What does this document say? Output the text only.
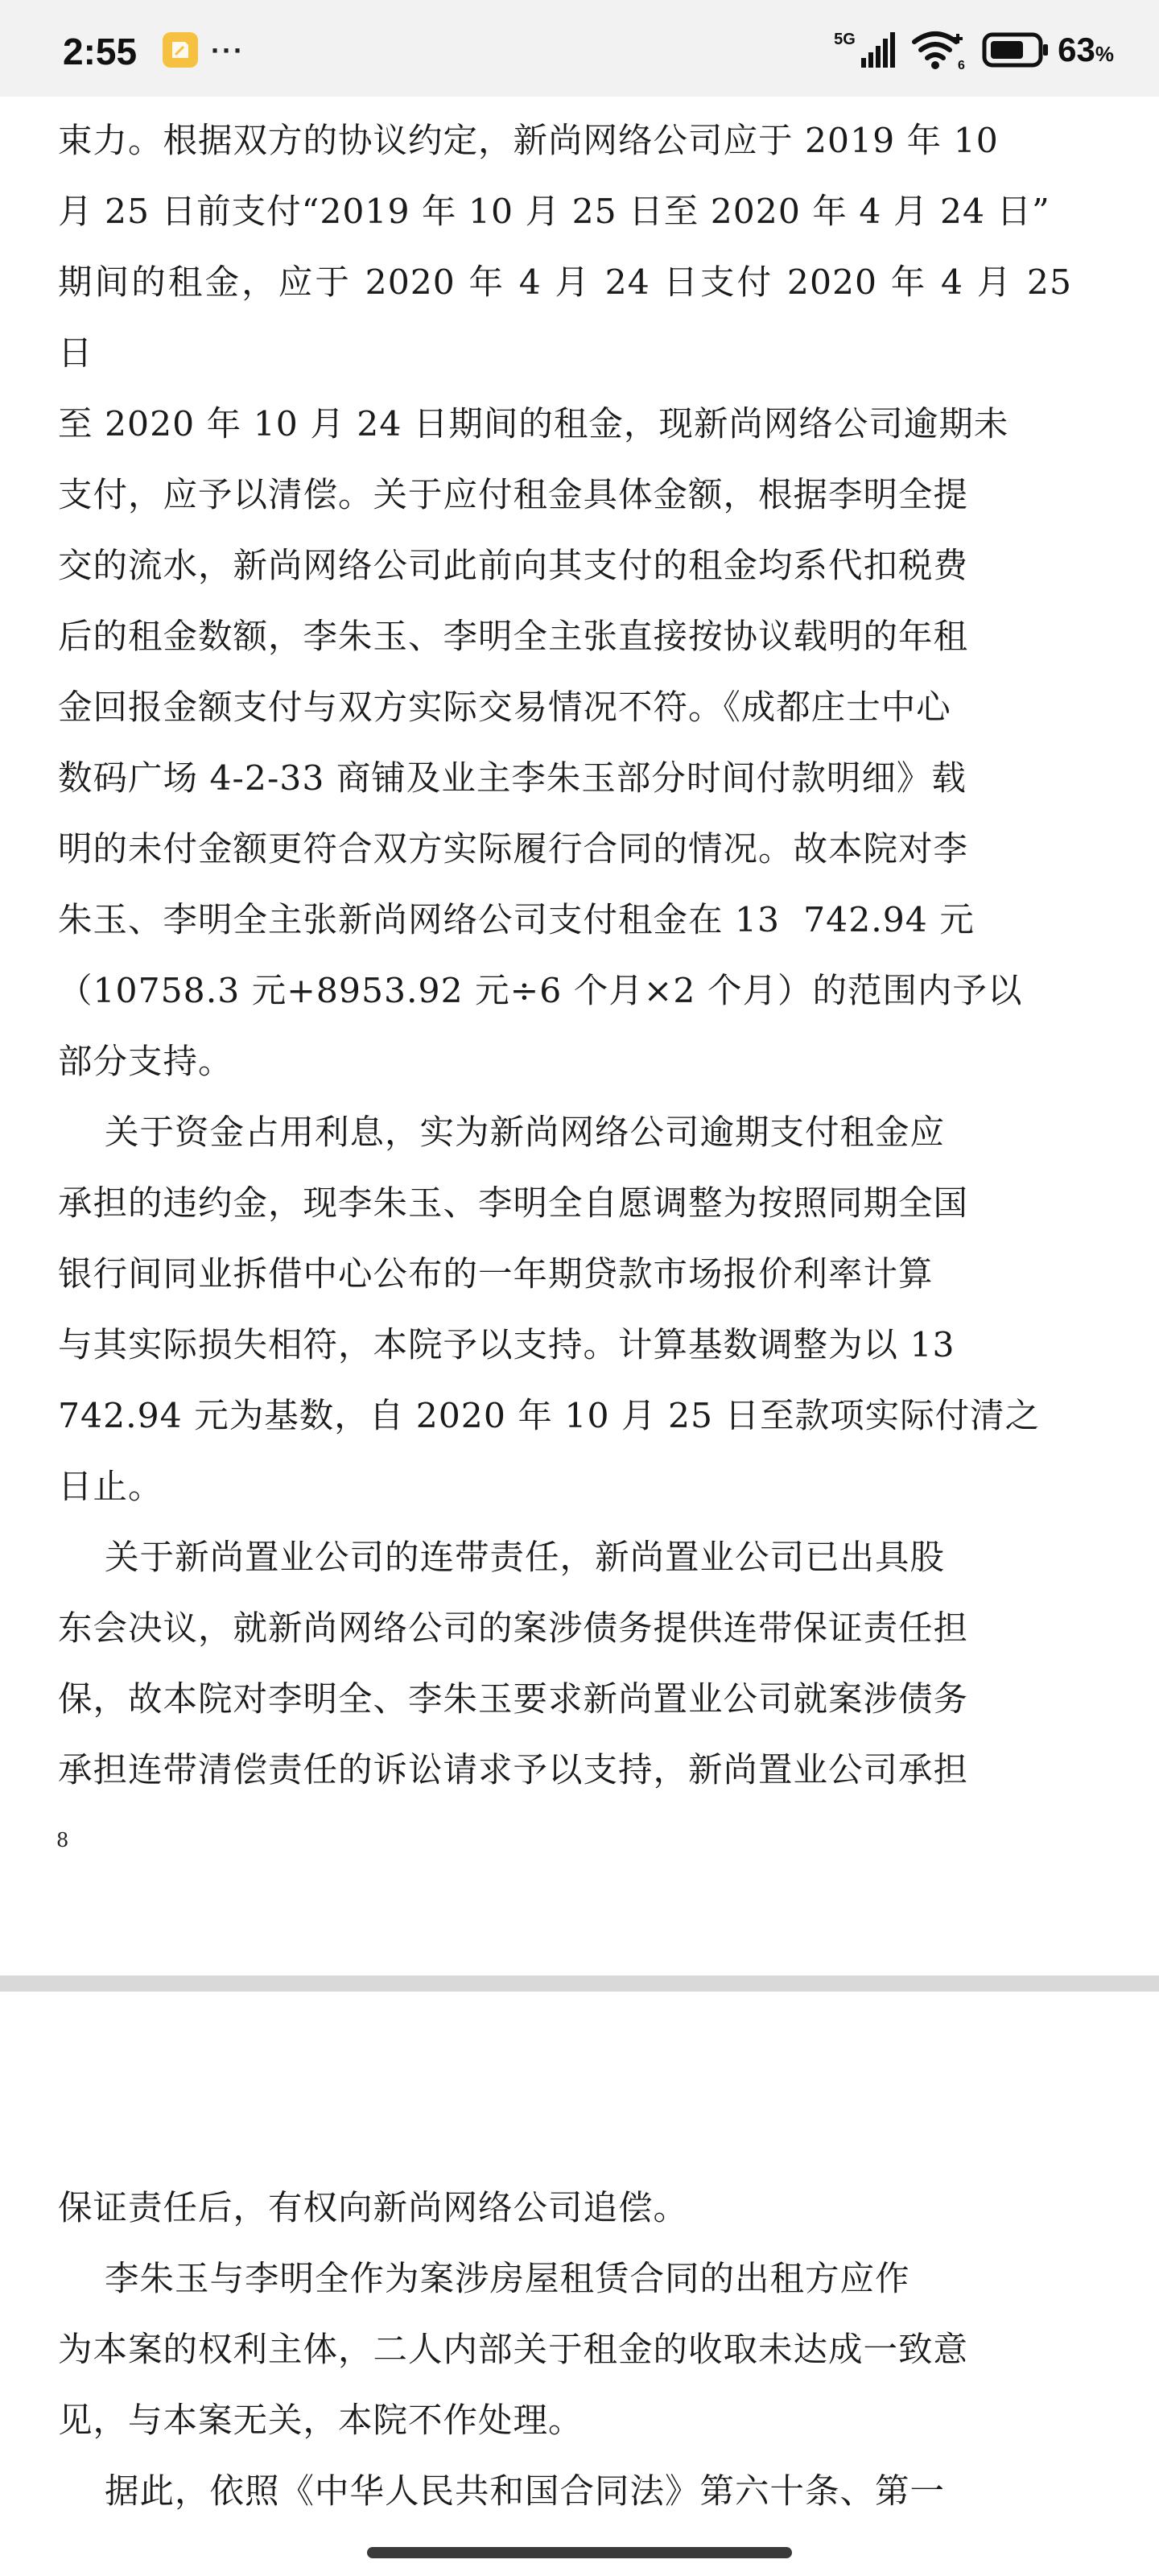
2:55	···	5G
6	63%

束力。根据双方的协议约定，新尚网络公司应于 2019 年 10

月 25 日前支付“2019 年 10 月 25 日至 2020 年 4 月 24 日”

期间的租金，应于 2020 年 4 月 24 日支付 2020 年 4 月 25 日

至 2020 年 10 月 24 日期间的租金，现新尚网络公司逾期未

支付，应予以清偿。关于应付租金具体金额，根据李明全提

交的流水，新尚网络公司此前向其支付的租金均系代扣税费

后的租金数额，李朱玉、李明全主张直接按协议载明的年租

金回报金额支付与双方实际交易情况不符。《成都庄士中心

数码广场 4-2-33 商铺及业主李朱玉部分时间付款明细》载

明的未付金额更符合双方实际履行合同的情况。故本院对李

朱玉、李明全主张新尚网络公司支付租金在 13  742.94 元

（10758.3 元+8953.92 元÷6 个月×2 个月）的范围内予以

部分支持。

关于资金占用利息，实为新尚网络公司逾期支付租金应

承担的违约金，现李朱玉、李明全自愿调整为按照同期全国

银行间同业拆借中心公布的一年期贷款市场报价利率计算

与其实际损失相符，本院予以支持。计算基数调整为以 13

742.94 元为基数，自 2020 年 10 月 25 日至款项实际付清之

日止。

关于新尚置业公司的连带责任，新尚置业公司已出具股

东会决议，就新尚网络公司的案涉债务提供连带保证责任担

保，故本院对李明全、李朱玉要求新尚置业公司就案涉债务

承担连带清偿责任的诉讼请求予以支持，新尚置业公司承担

8

保证责任后，有权向新尚网络公司追偿。

李朱玉与李明全作为案涉房屋租赁合同的出租方应作

为本案的权利主体，二人内部关于租金的收取未达成一致意

见，与本案无关，本院不作处理。

据此，依照《中华人民共和国合同法》第六十条、第一
